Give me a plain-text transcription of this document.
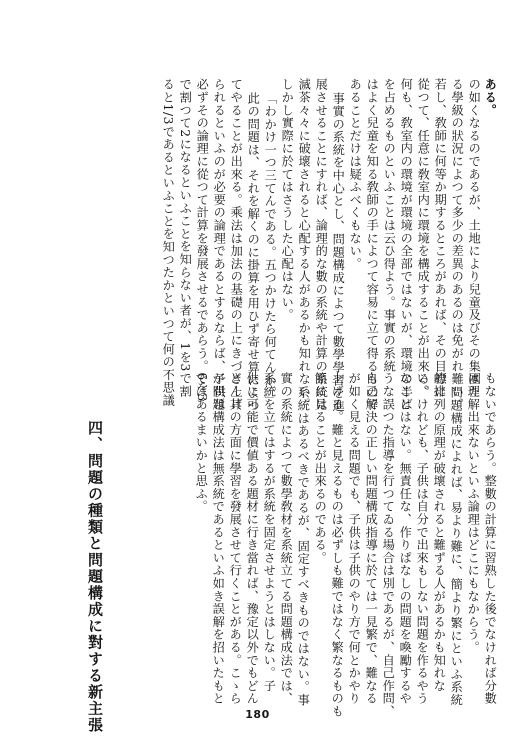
ある。
の如くなるのであるが、土地により兒童及びその集團た
る學級の狀況によつて多少の差異のあるのは免がれ難い。
若し、敎師に何等か期するところがあれば、その目標に
從つて、任意に敎室内に環境を構成することが出來る。
何も、敎室内の環境が環境の全部ではないが、環境の半ば
を占めるものといふことは云ひ得よう。事實の系統
はよく兒童を知る敎師の手によつて容易に立て得るもので
あることだけは疑ふべくもない。
事實の系統を中心とし、問題構成によつて數學學習を進
展させることにすれば、論理的な數の系統や計算の系統は
滅茶々々に破壞されると心配する人があるかも知れない。
しかし實際に於てはさうした心配はない。
「わかけ一つ三てんである。五つかけたら何てんか。」
此の問題は、それを解くのに掛算を用ひず寄せ算によつ
てやることが出來る。乘法は加法の基礎の上にきづき上げ
られるといふのが必要の論理であるとするならば、子供は
必ずその論理に從つて計算を發展させるであらう。6を3
で割つて2になるといふことを知らない者が、1を3で割
ると1/3であるといふことを知つたかといつて何の不思議
もないであらう。整數の計算に習熟した後でなければ分數
は理解出來ないといふ論理はどこにもなからう。
問題構成によれば、易より難に、簡より繁にといふ系統
的排列の原理が破壞されると難ずる人があるかも知れな
い。けれども、子供は自分で出來もしない問題を作るやう
なことはない。無責任な、作りぱなしの問題を喚勵するや
うな誤つた指導を行つてゐる場合は別であるが、自己作問、
自己解決の正しい問題構成指導に於ては一見繁で、難なる
が如く見える問題でも、子供は子供のやり方で何とかやり
上げる。難と見えるものは必ずしも難ではなく繁なるものも
簡に見ることが出來るのである。
系統はあるべきであるが、固定すべきものではない。事
實の系統によつて數學敎材を系統立てる問題構成法では、
系統を立てはするが系統を固定させようとはしない。子
供に可能で價値ある題材に行き當れば、豫定以外でもどん
どん其の方面に學習を發展させて行くことがある。こゝら
が問題構成法は無系統であるといふ如き誤解を招いたもと
ではあるまいかと思ふ。
四、問題の種類と問題構成に對する新主張	180
